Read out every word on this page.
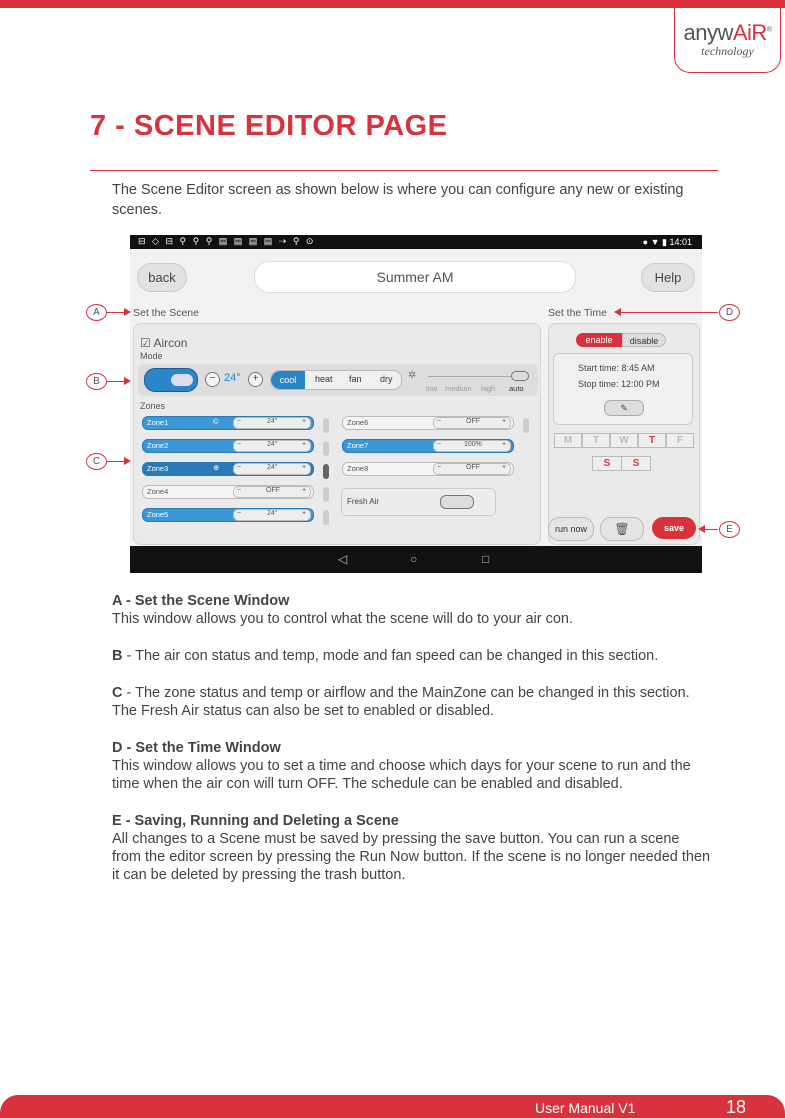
anywAiR®
technology
7 - SCENE EDITOR PAGE
The Scene Editor screen as shown below is where you can configure any new or existing scenes.
⊟ ◇ ⊟ ⚲ ⚲ ⚲ ▤ ▤ ▤ ▤ ⇢ ⚲ ⊙	● ▼ ▮ 14:01
back	Summer AM	Help
Set the Scene	Set the Time
☑ Aircon
Mode
Zones
− 24°	+	cool	heat fan dry ✲
low medium high auto
Zone1	©	−	24°	+
Zone2	−	24°	+
Zone3	⊕	−	24°	+
Zone4	−	OFF	+
Zone5	−	24°	+
Zone6	−	OFF	+
Zone7	−	100%	+
Zone8	−	OFF	+
Fresh Air
enable	disable
Start time: 8:45 AM
Stop time: 12:00 PM
✎
M	T	W	T	F
S	S
run now	🗑	save
◁	○	□
A
B
C
D
E

A - Set the Scene Window
This window allows you to control what the scene will do to your air con.

B - The air con status and temp, mode and fan speed can be changed in this section.

C - The zone status and temp or airflow and the MainZone can be changed in this section. The Fresh Air status can also be set to enabled or disabled.

D - Set the Time Window
This window allows you to set a time and choose which days for your scene to run and the time when the air con will turn OFF. The schedule can be enabled and disabled.

E - Saving, Running and Deleting a Scene
All changes to a Scene must be saved by pressing the save button. You can run a scene from the editor screen by pressing the Run Now button. If the scene is no longer needed then it can be deleted by pressing the trash button.

User Manual V1	18
